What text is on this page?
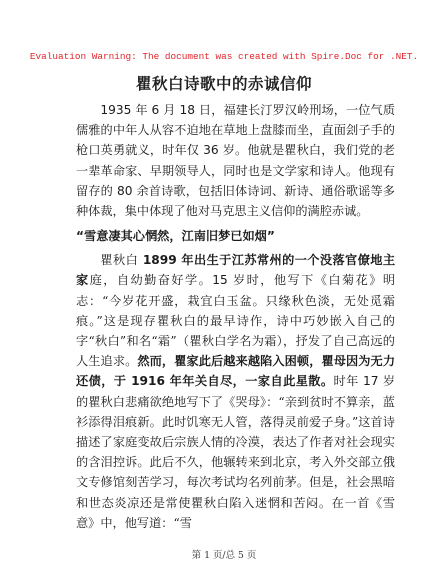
Evaluation Warning: The document was created with Spire.Doc for .NET.
瞿秋白诗歌中的赤诚信仰

1935 年 6 月 18 日，福建长汀罗汉岭刑场，一位气质儒雅的中年人从容不迫地在草地上盘膝而坐，直面刽子手的枪口英勇就义，时年仅 36 岁。他就是瞿秋白，我们党的老一辈革命家、早期领导人，同时也是文学家和诗人。他现有留存的 80 余首诗歌，包括旧体诗词、新诗、通俗歌谣等多种体裁，集中体现了他对马克思主义信仰的满腔赤诚。

“雪意凄其心惘然，江南旧梦已如烟”

瞿秋白 1899 年出生于江苏常州的一个没落官僚地主家庭，自幼勤奋好学。15 岁时，他写下《白菊花》明志：“今岁花开盛，栽宜白玉盆。只缘秋色淡，无处觅霜痕。”这是现存瞿秋白的最早诗作，诗中巧妙嵌入自己的字“秋白”和名“霜”（瞿秋白学名为霜），抒发了自己高远的人生追求。然而，瞿家此后越来越陷入困顿，瞿母因为无力还债，于 1916 年年关自尽，一家自此星散。时年 17 岁的瞿秋白悲痛欲绝地写下了《哭母》：“亲到贫时不算亲，蓝衫添得泪痕新。此时饥寒无人管，落得灵前爱子身。”这首诗描述了家庭变故后宗族人情的冷漠，表达了作者对社会现实的含泪控诉。此后不久，他辗转来到北京，考入外交部立俄文专修馆刻苦学习，每次考试均名列前茅。但是，社会黑暗和世态炎凉还是常使瞿秋白陷入迷惘和苦闷。在一首《雪意》中，他写道：“雪

第 1 页/总 5 页
